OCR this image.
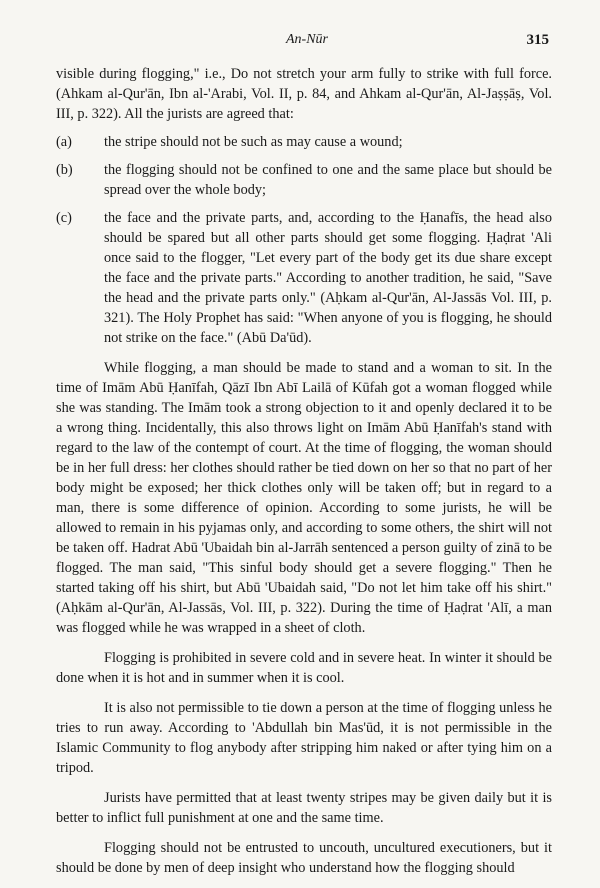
An-Nūr	315

visible during flogging," i.e., Do not stretch your arm fully to strike with full force. (Ahkam al-Qur'ān, Ibn al-'Arabi, Vol. II, p. 84, and Ahkam al-Qur'ān, Al-Jaṣṣāṣ, Vol. III, p. 322). All the jurists are agreed that:

(a) the stripe should not be such as may cause a wound;
(b) the flogging should not be confined to one and the same place but should be spread over the whole body;
(c) the face and the private parts, and, according to the Ḥanafīs, the head also should be spared but all other parts should get some flogging. Ḥaḍrat 'Ali once said to the flogger, "Let every part of the body get its due share except the face and the private parts." According to another tradition, he said, "Save the head and the private parts only." (Aḥkam al-Qur'ān, Al-Jassās Vol. III, p. 321). The Holy Prophet has said: "When anyone of you is flogging, he should not strike on the face." (Abū Da'ūd).

While flogging, a man should be made to stand and a woman to sit. In the time of Imām Abū Ḥanīfah, Qāzī Ibn Abī Lailā of Kūfah got a woman flogged while she was standing. The Imām took a strong objection to it and openly declared it to be a wrong thing. Incidentally, this also throws light on Imām Abū Ḥanīfah's stand with regard to the law of the contempt of court. At the time of flogging, the woman should be in her full dress: her clothes should rather be tied down on her so that no part of her body might be exposed; her thick clothes only will be taken off; but in regard to a man, there is some difference of opinion. According to some jurists, he will be allowed to remain in his pyjamas only, and according to some others, the shirt will not be taken off. Hadrat Abū 'Ubaidah bin al-Jarrāh sentenced a person guilty of zinā to be flogged. The man said, "This sinful body should get a severe flogging." Then he started taking off his shirt, but Abū 'Ubaidah said, "Do not let him take off his shirt." (Aḥkām al-Qur'ān, Al-Jassās, Vol. III, p. 322). During the time of Ḥaḍrat 'Alī, a man was flogged while he was wrapped in a sheet of cloth.

Flogging is prohibited in severe cold and in severe heat. In winter it should be done when it is hot and in summer when it is cool.

It is also not permissible to tie down a person at the time of flogging unless he tries to run away. According to 'Abdullah bin Mas'ūd, it is not permissible in the Islamic Community to flog anybody after stripping him naked or after tying him on a tripod.

Jurists have permitted that at least twenty stripes may be given daily but it is better to inflict full punishment at one and the same time.

Flogging should not be entrusted to uncouth, uncultured executioners, but it should be done by men of deep insight who understand how the flogging should
